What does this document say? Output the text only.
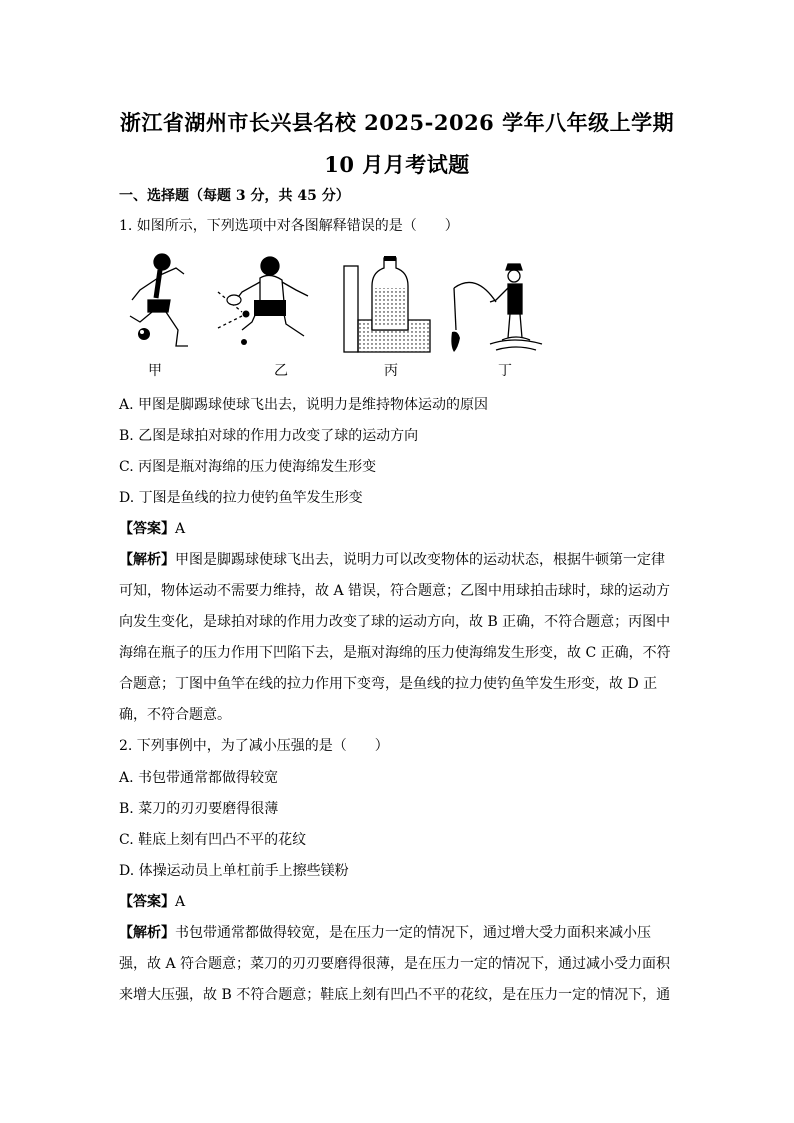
浙江省湖州市长兴县名校 2025-2026 学年八年级上学期
10 月月考试题
一、选择题（每题 3 分，共 45 分）
1. 如图所示，下列选项中对各图解释错误的是（　　）
甲	乙	丙	丁
A. 甲图是脚踢球使球飞出去，说明力是维持物体运动的原因
B. 乙图是球拍对球的作用力改变了球的运动方向
C. 丙图是瓶对海绵的压力使海绵发生形变
D. 丁图是鱼线的拉力使钓鱼竿发生形变
【答案】A
【解析】甲图是脚踢球使球飞出去，说明力可以改变物体的运动状态，根据牛顿第一定律
可知，物体运动不需要力维持，故 A 错误，符合题意；乙图中用球拍击球时，球的运动方
向发生变化，是球拍对球的作用力改变了球的运动方向，故 B 正确，不符合题意；丙图中
海绵在瓶子的压力作用下凹陷下去，是瓶对海绵的压力使海绵发生形变，故 C 正确，不符
合题意；丁图中鱼竿在线的拉力作用下变弯，是鱼线的拉力使钓鱼竿发生形变，故 D 正
确，不符合题意。
2. 下列事例中，为了减小压强的是（　　）
A. 书包带通常都做得较宽
B. 菜刀的刃刃要磨得很薄
C. 鞋底上刻有凹凸不平的花纹
D. 体操运动员上单杠前手上擦些镁粉
【答案】A
【解析】书包带通常都做得较宽，是在压力一定的情况下，通过增大受力面积来减小压
强，故 A 符合题意；菜刀的刃刃要磨得很薄，是在压力一定的情况下，通过减小受力面积
来增大压强，故 B 不符合题意；鞋底上刻有凹凸不平的花纹，是在压力一定的情况下，通
